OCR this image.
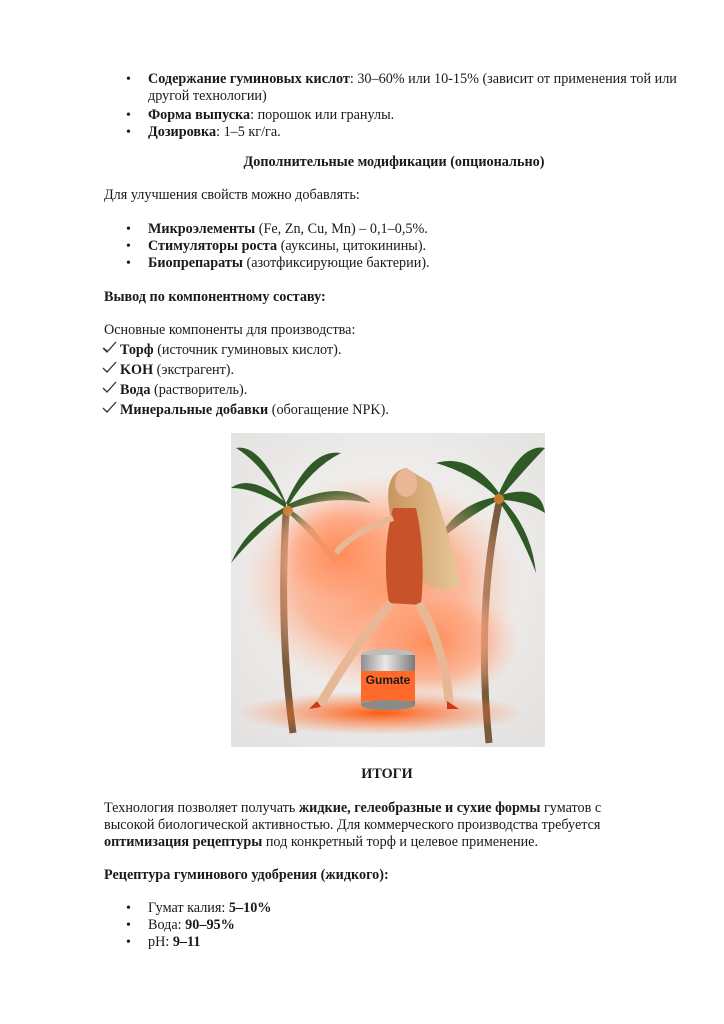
• Содержание гуминовых кислот: 30–60% или 10-15% (зависит от применения той или другой технологии)
• Форма выпуска: порошок или гранулы.
• Дозировка: 1–5 кг/га.
Дополнительные модификации (опционально)
Для улучшения свойств можно добавлять:
• Микроэлементы (Fe, Zn, Cu, Mn) – 0,1–0,5%.
• Стимуляторы роста (ауксины, цитокинины).
• Биопрепараты (азотфиксирующие бактерии).
Вывод по компонентному составу:
Основные компоненты для производства:
Торф (источник гуминовых кислот).
KOH (экстрагент).
Вода (растворитель).
Минеральные добавки (обогащение NPK).
Gumate
ИТОГИ
Технология позволяет получать жидкие, гелеобразные и сухие формы гуматов с высокой биологической активностью. Для коммерческого производства требуется оптимизация рецептуры под конкретный торф и целевое применение.
Рецептура гуминового удобрения (жидкого):
• Гумат калия: 5–10%
• Вода: 90–95%
• pH: 9–11
